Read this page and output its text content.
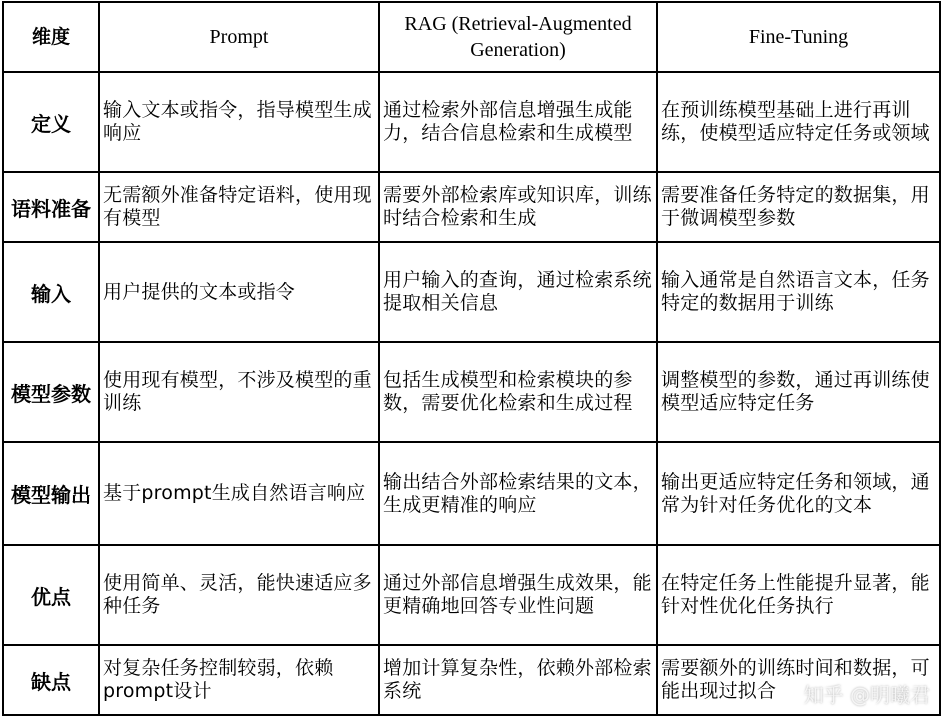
维度	Prompt	RAG (Retrieval-Augmented Generation)	Fine-Tuning
定义	输入文本或指令，指导模型生成响应	通过检索外部信息增强生成能力，结合信息检索和生成模型	在预训练模型基础上进行再训练，使模型适应特定任务或领域
语料准备	无需额外准备特定语料，使用现有模型	需要外部检索库或知识库，训练时结合检索和生成	需要准备任务特定的数据集，用于微调模型参数
输入	用户提供的文本或指令	用户输入的查询，通过检索系统提取相关信息	输入通常是自然语言文本，任务特定的数据用于训练
模型参数	使用现有模型，不涉及模型的重训练	包括生成模型和检索模块的参数，需要优化检索和生成过程	调整模型的参数，通过再训练使模型适应特定任务
模型输出	基于prompt生成自然语言响应	输出结合外部检索结果的文本，生成更精准的响应	输出更适应特定任务和领域，通常为针对任务优化的文本
优点	使用简单、灵活，能快速适应多种任务	通过外部信息增强生成效果，能更精确地回答专业性问题	在特定任务上性能提升显著，能针对性优化任务执行
缺点	对复杂任务控制较弱，依赖prompt设计	增加计算复杂性，依赖外部检索系统	需要额外的训练时间和数据，可能出现过拟合 知乎 @明曦君
